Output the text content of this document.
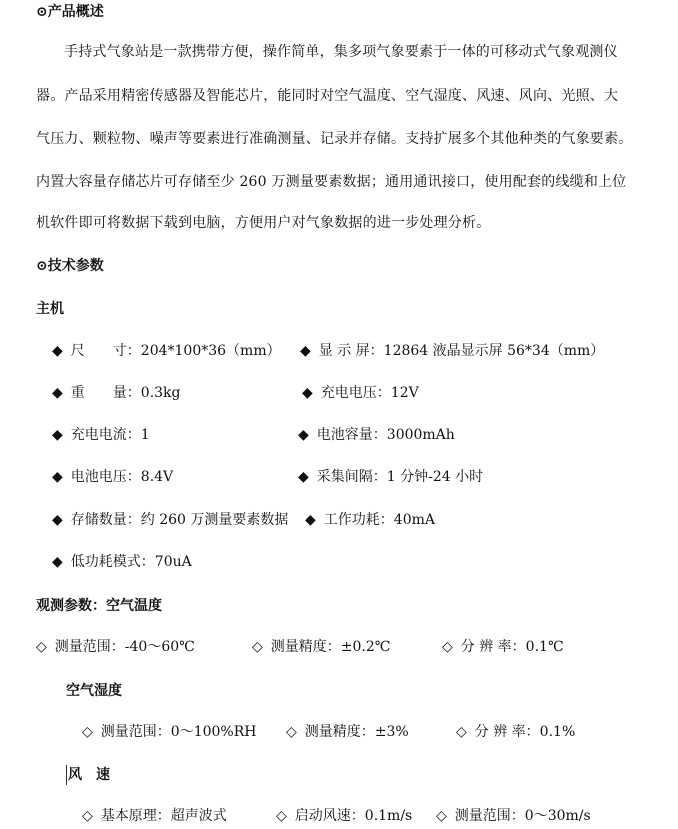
⊙产品概述
手持式气象站是一款携带方便，操作简单，集多项气象要素于一体的可移动式气象观测仪
器。产品采用精密传感器及智能芯片，能同时对空气温度、空气湿度、风速、风向、光照、大
气压力、颗粒物、噪声等要素进行准确测量、记录并存储。支持扩展多个其他种类的气象要素。
内置大容量存储芯片可存储至少 260 万测量要素数据；通用通讯接口，使用配套的线缆和上位
机软件即可将数据下载到电脑，方便用户对气象数据的进一步处理分析。
⊙技术参数
主机
◆ 尺　　寸：204*100*36（mm） ◆ 显 示 屏：12864 液晶显示屏 56*34（mm）
◆ 重　　量：0.3kg	◆ 充电电压：12V
◆ 充电电流：1	◆ 电池容量：3000mAh
◆ 电池电压：8.4V	◆ 采集间隔：1 分钟-24 小时
◆ 存储数量：约 260 万测量要素数据 ◆ 工作功耗：40mA
◆ 低功耗模式：70uA
观测参数：空气温度
◇ 测量范围：-40～60℃	◇ 测量精度：±0.2℃	◇ 分 辨 率：0.1℃
空气湿度
◇ 测量范围：0～100%RH ◇ 测量精度：±3%	◇ 分 辨 率：0.1%
风　速
◇ 基本原理：超声波式	◇ 启动风速：0.1m/s ◇ 测量范围：0～30m/s
